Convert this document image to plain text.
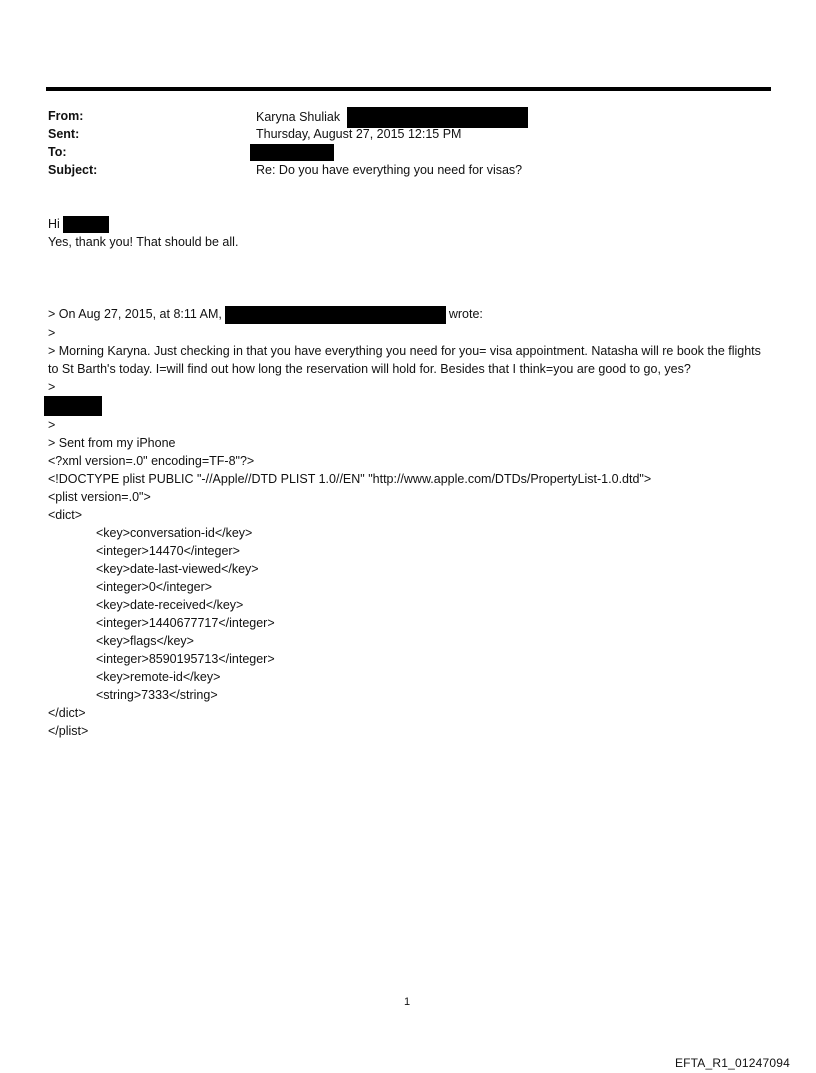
From:	Karyna Shuliak
Sent:	Thursday, August 27, 2015 12:15 PM
To:
Subject:	Re: Do you have everything you need for visas?
Hi
Yes, thank you! That should be all.
> On Aug 27, 2015, at 8:11 AM,	wrote:
>
> Morning Karyna. Just checking in that you have everything you need for you= visa appointment. Natasha will re book the flights to St Barth's today. I=will find out how long the reservation will hold for. Besides that I think=you are good to go, yes?
>
>
> Sent from my iPhone
<?xml version=.0" encoding=TF-8"?>
<!DOCTYPE plist PUBLIC "-//Apple//DTD PLIST 1.0//EN" "http://www.apple.com/DTDs/PropertyList-1.0.dtd">
<plist version=.0">
<dict>
<key>conversation-id</key>
<integer>14470</integer>
<key>date-last-viewed</key>
<integer>0</integer>
<key>date-received</key>
<integer>1440677717</integer>
<key>flags</key>
<integer>8590195713</integer>
<key>remote-id</key>
<string>7333</string>
</dict>
</plist>
1
EFTA_R1_01247094
